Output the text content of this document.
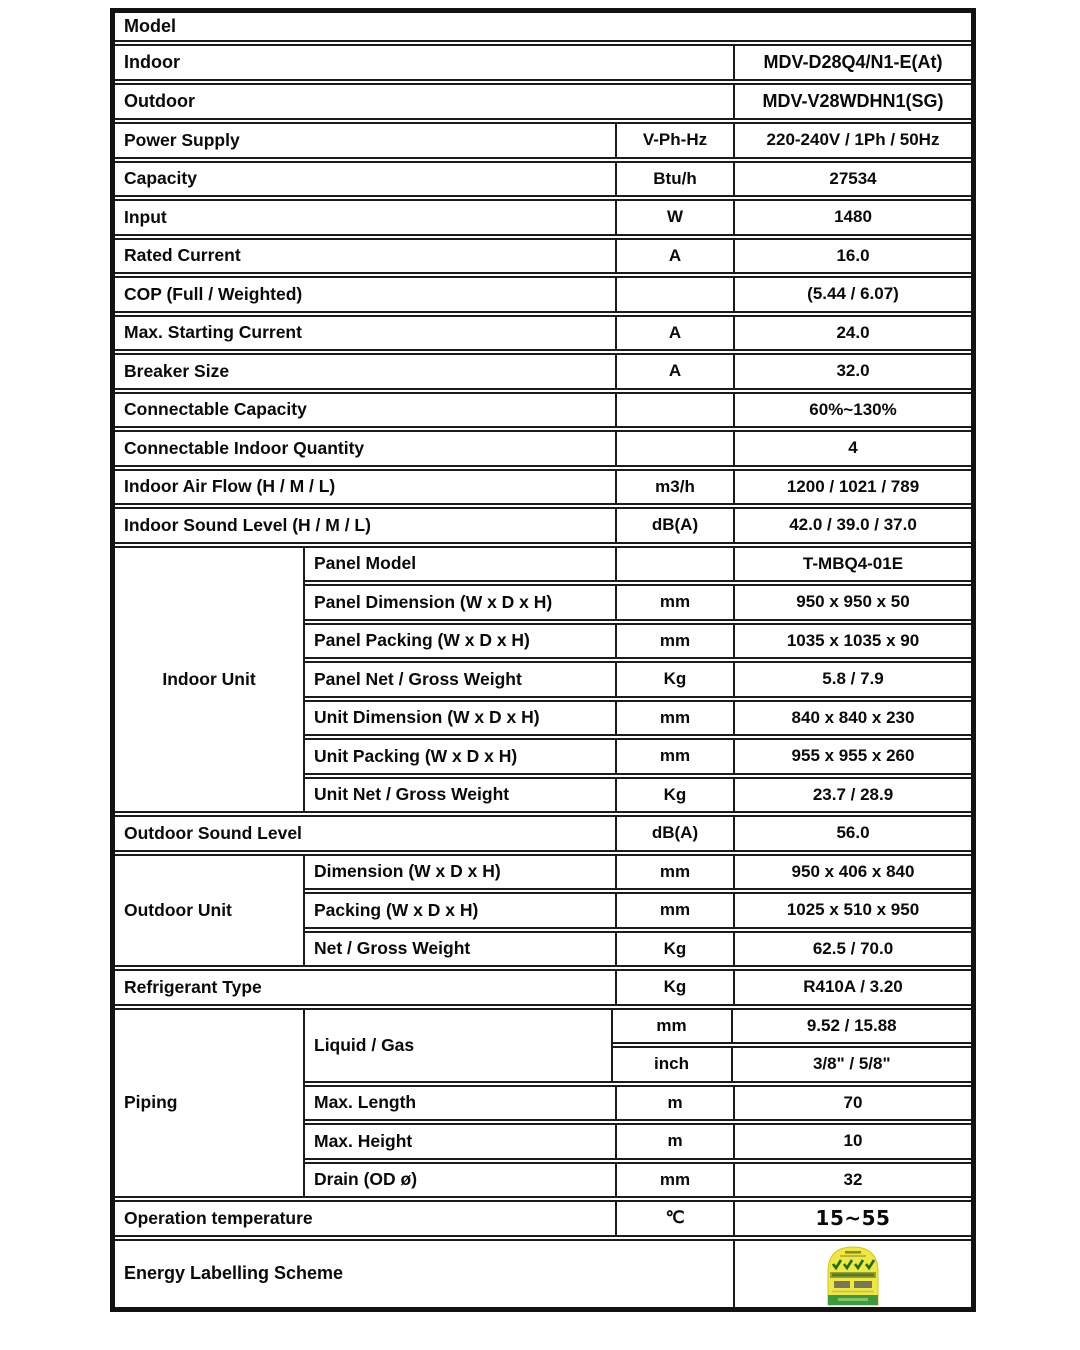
Model
Indoor	MDV-D28Q4/N1-E(At)
Outdoor	MDV-V28WDHN1(SG)
Power Supply	V-Ph-Hz	220-240V / 1Ph / 50Hz
Capacity	Btu/h	27534
Input	W	1480
Rated Current	A	16.0
COP (Full / Weighted)	(5.44 / 6.07)
Max. Starting Current	A	24.0
Breaker Size	A	32.0
Connectable Capacity	60%~130%
Connectable Indoor Quantity	4
Indoor Air Flow (H / M / L)	m3/h	1200 / 1021 / 789
Indoor Sound Level (H / M / L)	dB(A)	42.0 / 39.0 / 37.0
Indoor Unit
Panel Model	T-MBQ4-01E
Panel Dimension (W x D x H)	mm	950 x 950 x 50
Panel Packing (W x D x H)	mm	1035 x 1035 x 90
Panel Net / Gross Weight	Kg	5.8 / 7.9
Unit Dimension (W x D x H)	mm	840 x 840 x 230
Unit Packing (W x D x H)	mm	955 x 955 x 260
Unit Net / Gross Weight	Kg	23.7 / 28.9
Outdoor Sound Level	dB(A)	56.0
Outdoor Unit
Dimension (W x D x H)	mm	950 x 406 x 840
Packing (W x D x H)	mm	1025 x 510 x 950
Net / Gross Weight	Kg	62.5 / 70.0
Refrigerant Type	Kg	R410A / 3.20
Piping
Liquid / Gas
mm	9.52 / 15.88
inch	3/8" / 5/8"
Max. Length	m	70
Max. Height	m	10
Drain (OD ø)	mm	32
Operation temperature	℃	15~55
Energy Labelling Scheme
